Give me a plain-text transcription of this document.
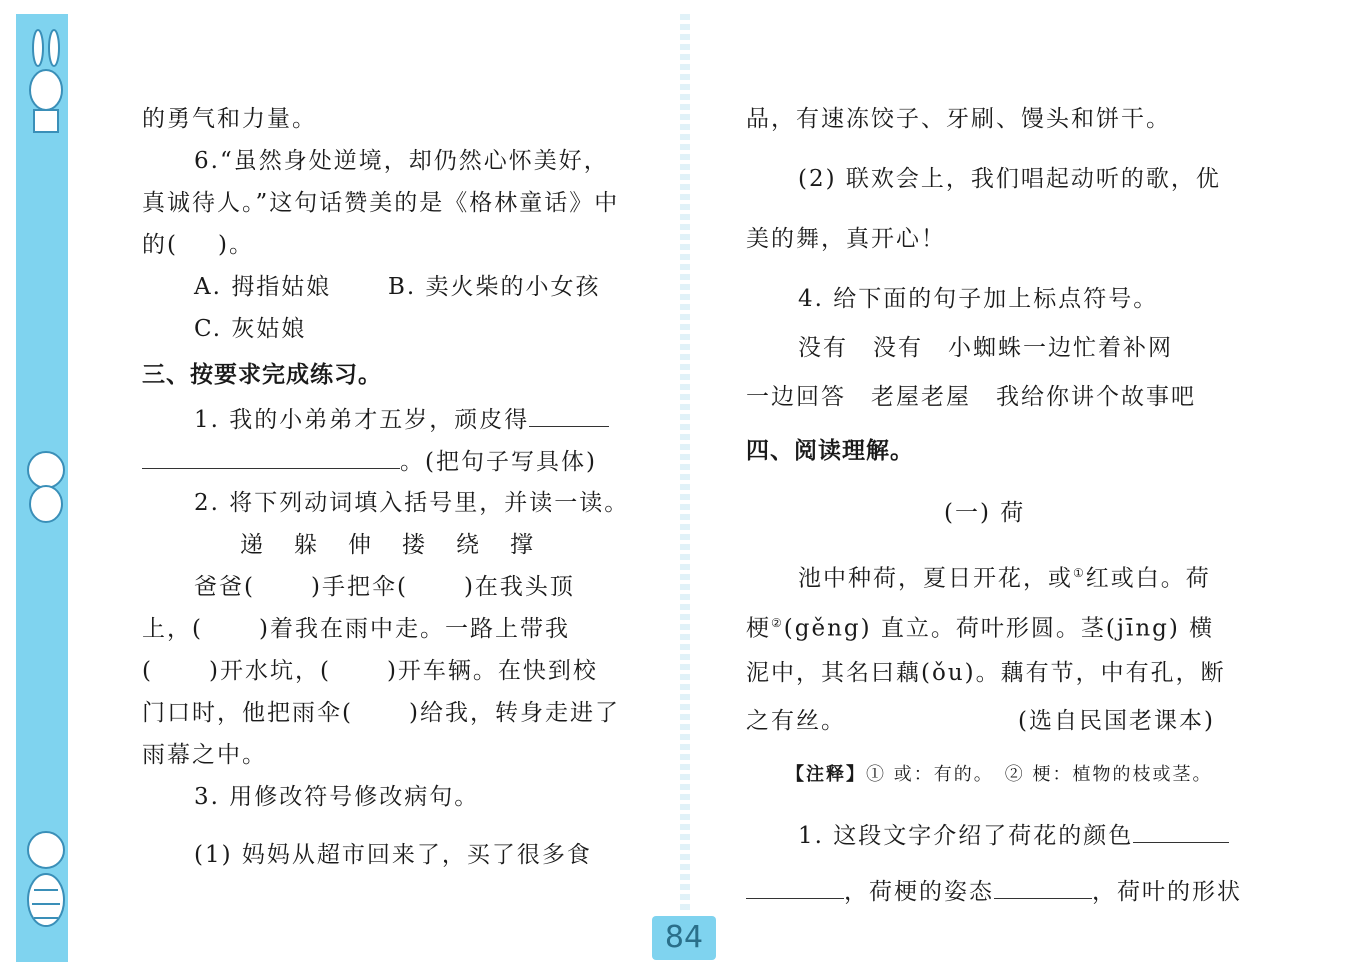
的勇气和力量。
6.“虽然身处逆境，却仍然心怀美好，
真诚待人。”这句话赞美的是《格林童话》中
的( )。
A. 拇指姑娘 B. 卖火柴的小女孩
C. 灰姑娘
三、按要求完成练习。
1. 我的小弟弟才五岁，顽皮得
。(把句子写具体)
2. 将下列动词填入括号里，并读一读。
递　躲　伸　搂　绕　撑
爸爸( )手把伞( )在我头顶
上，( )着我在雨中走。一路上带我
( )开水坑，( )开车辆。在快到校
门口时，他把雨伞( )给我，转身走进了
雨幕之中。
3. 用修改符号修改病句。
(1) 妈妈从超市回来了，买了很多食
品，有速冻饺子、牙刷、馒头和饼干。
(2) 联欢会上，我们唱起动听的歌，优
美的舞，真开心！
4. 给下面的句子加上标点符号。
没有　没有　小蜘蛛一边忙着补网
一边回答　老屋老屋　我给你讲个故事吧
四、阅读理解。
(一) 荷
池中种荷，夏日开花，或①红或白。荷
梗②(gěng) 直立。荷叶形圆。茎(jīng) 横
泥中，其名曰藕(ǒu)。藕有节，中有孔，断
之有丝。	(选自民国老课本)
【注释】① 或：有的。　② 梗：植物的枝或茎。
1. 这段文字介绍了荷花的颜色
，荷梗的姿态	，荷叶的形状
84
